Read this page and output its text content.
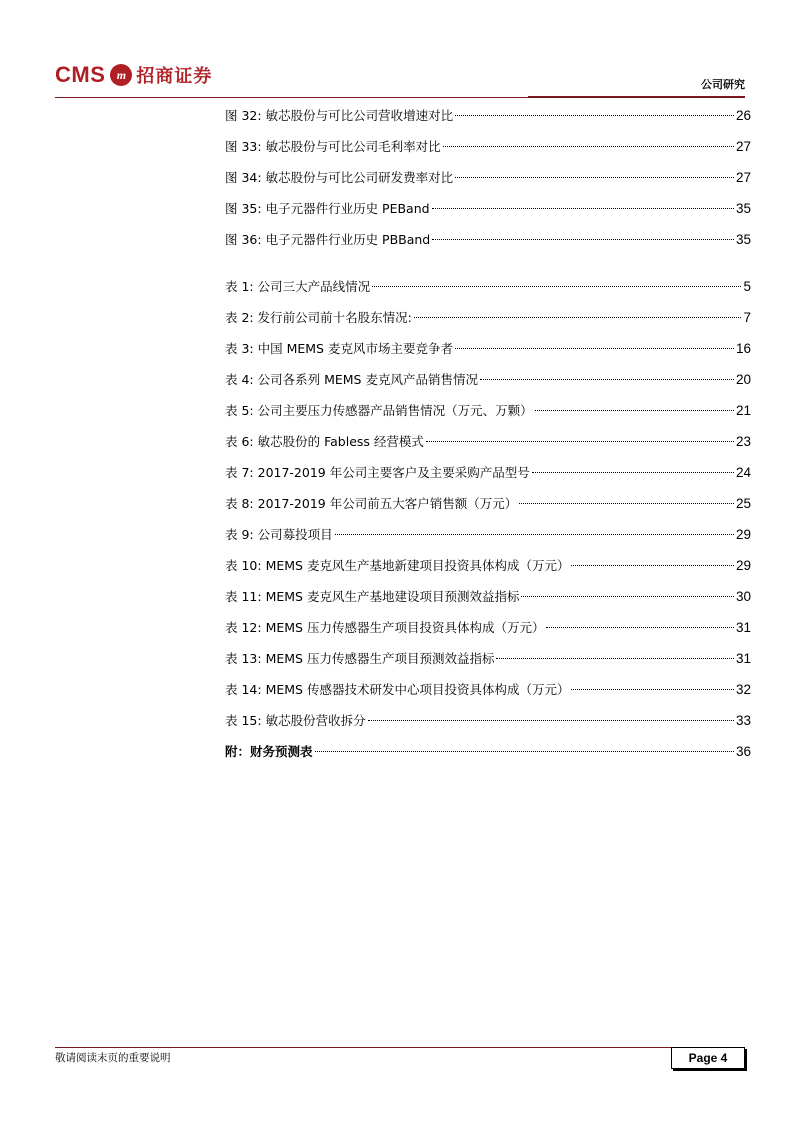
CMS m 招商证券	公司研究
图 32: 敏芯股份与可比公司营收增速对比	26
图 33: 敏芯股份与可比公司毛利率对比	27
图 34: 敏芯股份与可比公司研发费率对比	27
图 35: 电子元器件行业历史 PEBand	35
图 36: 电子元器件行业历史 PBBand	35
表 1: 公司三大产品线情况	5
表 2: 发行前公司前十名股东情况:	7
表 3: 中国 MEMS 麦克风市场主要竞争者	16
表 4: 公司各系列 MEMS 麦克风产品销售情况	20
表 5: 公司主要压力传感器产品销售情况（万元、万颗）	21
表 6: 敏芯股份的 Fabless 经营模式	23
表 7: 2017-2019 年公司主要客户及主要采购产品型号	24
表 8: 2017-2019 年公司前五大客户销售额（万元）	25
表 9: 公司募投项目	29
表 10: MEMS 麦克风生产基地新建项目投资具体构成（万元）	29
表 11: MEMS 麦克风生产基地建设项目预测效益指标	30
表 12: MEMS 压力传感器生产项目投资具体构成（万元）	31
表 13: MEMS 压力传感器生产项目预测效益指标	31
表 14: MEMS 传感器技术研发中心项目投资具体构成（万元）	32
表 15: 敏芯股份营收拆分	33
附：财务预测表	36
敬请阅读末页的重要说明	Page 4
